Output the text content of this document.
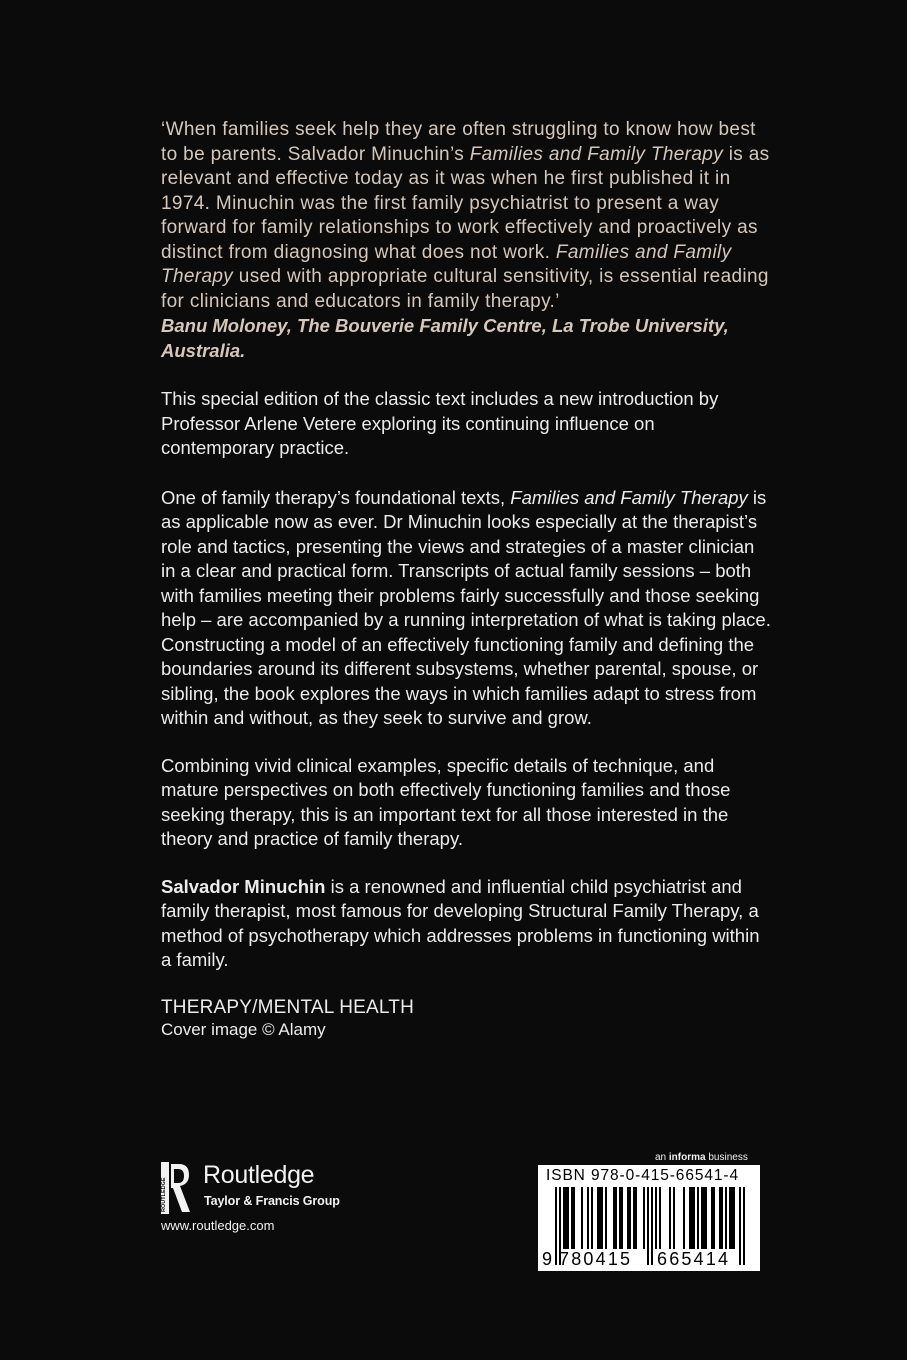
‘When families seek help they are often struggling to know how best to be parents. Salvador Minuchin’s Families and Family Therapy is as relevant and effective today as it was when he first published it in 1974. Minuchin was the first family psychiatrist to present a way forward for family relationships to work effectively and proactively as distinct from diagnosing what does not work. Families and Family Therapy used with appropriate cultural sensitivity, is essential reading for clinicians and educators in family therapy.’

Banu Moloney, The Bouverie Family Centre, La Trobe University, Australia.

This special edition of the classic text includes a new introduction by Professor Arlene Vetere exploring its continuing influence on contemporary practice.

One of family therapy’s foundational texts, Families and Family Therapy is as applicable now as ever. Dr Minuchin looks especially at the therapist’s role and tactics, presenting the views and strategies of a master clinician in a clear and practical form. Transcripts of actual family sessions – both with families meeting their problems fairly successfully and those seeking help – are accompanied by a running interpretation of what is taking place. Constructing a model of an effectively functioning family and defining the boundaries around its different subsystems, whether parental, spouse, or sibling, the book explores the ways in which families adapt to stress from within and without, as they seek to survive and grow.

Combining vivid clinical examples, specific details of technique, and mature perspectives on both effectively functioning families and those seeking therapy, this is an important text for all those interested in the theory and practice of family therapy.

Salvador Minuchin is a renowned and influential child psychiatrist and family therapist, most famous for developing Structural Family Therapy, a method of psychotherapy which addresses problems in functioning within a family.

THERAPY/MENTAL HEALTH

Cover image © Alamy

ROUTLEDGE
Routledge
Taylor & Francis Group
www.routledge.com
an informa business
ISBN 978-0-415-66541-4
9 780415 665414
